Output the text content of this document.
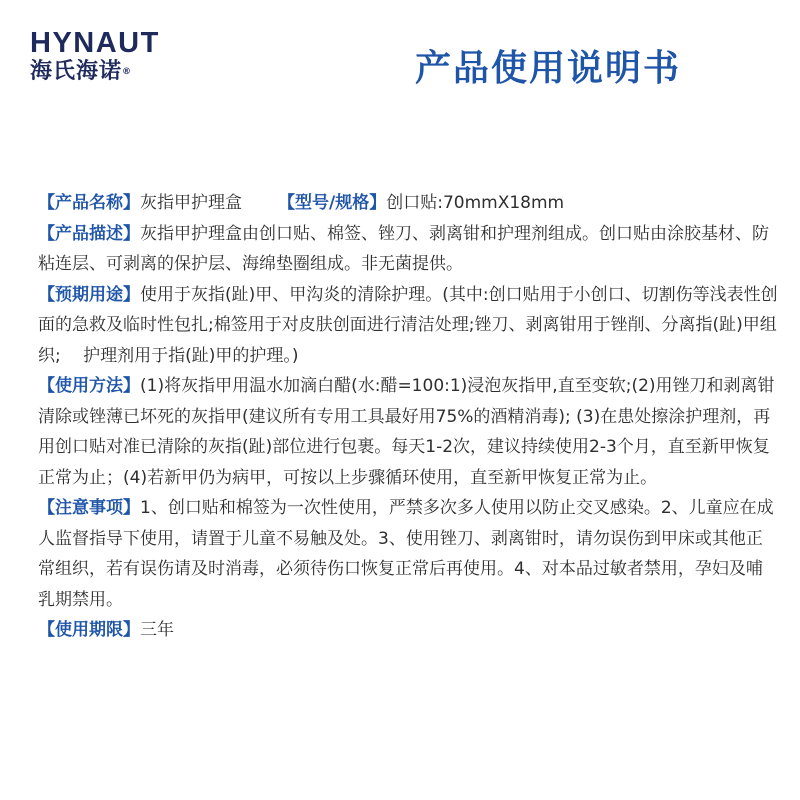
HYNAUT
海氏海诺®	产品使用说明书

【产品名称】灰指甲护理盒 【型号/规格】创口贴:70mmX18mm

【产品描述】灰指甲护理盒由创口贴、棉签、锉刀、剥离钳和护理剂组成。创口贴由涂胶基材、防粘连层、可剥离的保护层、海绵垫圈组成。非无菌提供。

【预期用途】使用于灰指(趾)甲、甲沟炎的清除护理。(其中:创口贴用于小创口、切割伤等浅表性创面的急救及临时性包扎;棉签用于对皮肤创面进行清洁处理;锉刀、剥离钳用于锉削、分离指(趾)甲组织;　 护理剂用于指(趾)甲的护理。)

【使用方法】(1)将灰指甲用温水加滴白醋(水:醋=100:1)浸泡灰指甲,直至变软;(2)用锉刀和剥离钳清除或锉薄已坏死的灰指甲(建议所有专用工具最好用75%的酒精消毒); (3)在患处擦涂护理剂，再用创口贴对准已清除的灰指(趾)部位进行包裹。每天1-2次，建议持续使用2-3个月，直至新甲恢复正常为止；(4)若新甲仍为病甲，可按以上步骤循环使用，直至新甲恢复正常为止。

【注意事项】1、创口贴和棉签为一次性使用，严禁多次多人使用以防止交叉感染。2、儿童应在成人监督指导下使用，请置于儿童不易触及处。3、使用锉刀、剥离钳时，请勿误伤到甲床或其他正常组织，若有误伤请及时消毒，必须待伤口恢复正常后再使用。4、对本品过敏者禁用，孕妇及哺乳期禁用。

【使用期限】三年
